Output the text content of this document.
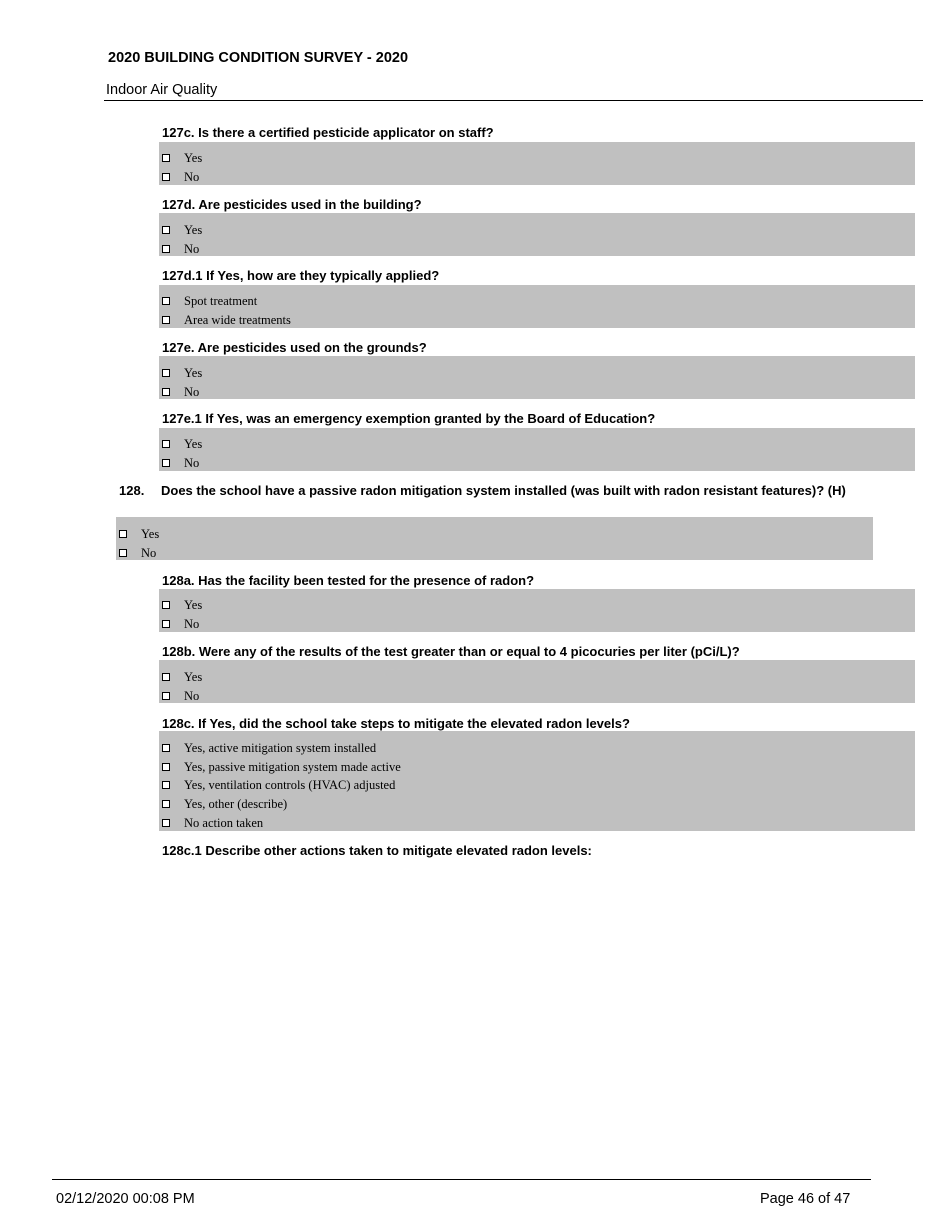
2020 BUILDING CONDITION SURVEY - 2020
Indoor Air Quality
127c. Is there a certified pesticide applicator on staff?
Yes
No
127d. Are pesticides used in the building?
Yes
No
127d.1 If Yes, how are they typically applied?
Spot treatment
Area wide treatments
127e. Are pesticides used on the grounds?
Yes
No
127e.1 If Yes, was an emergency exemption granted by the Board of Education?
Yes
No
128. Does the school have a passive radon mitigation system installed (was built with radon resistant features)? (H)
Yes
No
128a. Has the facility been tested for the presence of radon?
Yes
No
128b. Were any of the results of the test greater than or equal to 4 picocuries per liter (pCi/L)?
Yes
No
128c. If Yes, did the school take steps to mitigate the elevated radon levels?
Yes, active mitigation system installed
Yes, passive mitigation system made active
Yes, ventilation controls (HVAC) adjusted
Yes, other (describe)
No action taken
128c.1 Describe other actions taken to mitigate elevated radon levels:
02/12/2020 00:08 PM	Page 46 of 47
